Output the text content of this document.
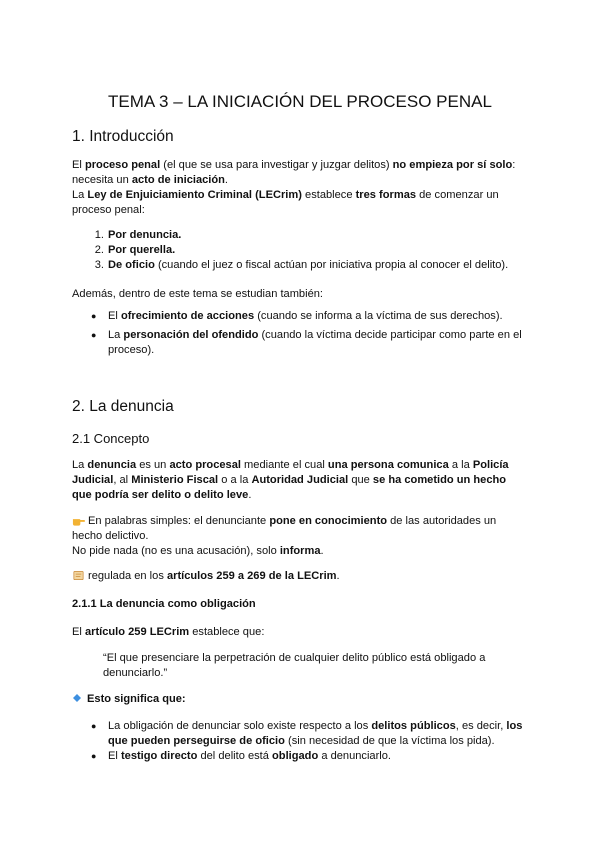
TEMA 3 – LA INICIACIÓN DEL PROCESO PENAL
1. Introducción
El proceso penal (el que se usa para investigar y juzgar delitos) no empieza por sí solo:
necesita un acto de iniciación.
La Ley de Enjuiciamiento Criminal (LECrim) establece tres formas de comenzar un
proceso penal:
1. Por denuncia.
2. Por querella.
3. De oficio (cuando el juez o fiscal actúan por iniciativa propia al conocer el delito).
Además, dentro de este tema se estudian también:
● El ofrecimiento de acciones (cuando se informa a la víctima de sus derechos).
● La personación del ofendido (cuando la víctima decide participar como parte en el
proceso).
2. La denuncia
2.1 Concepto
La denuncia es un acto procesal mediante el cual una persona comunica a la Policía
Judicial, al Ministerio Fiscal o a la Autoridad Judicial que se ha cometido un hecho
que podría ser delito o delito leve.
En palabras simples: el denunciante pone en conocimiento de las autoridades un
hecho delictivo.
No pide nada (no es una acusación), solo informa.
regulada en los artículos 259 a 269 de la LECrim.
2.1.1 La denuncia como obligación
El artículo 259 LECrim establece que:
“El que presenciare la perpetración de cualquier delito público está obligado a
denunciarlo.”
Esto significa que:
● La obligación de denunciar solo existe respecto a los delitos públicos, es decir, los
que pueden perseguirse de oficio (sin necesidad de que la víctima los pida).
● El testigo directo del delito está obligado a denunciarlo.
